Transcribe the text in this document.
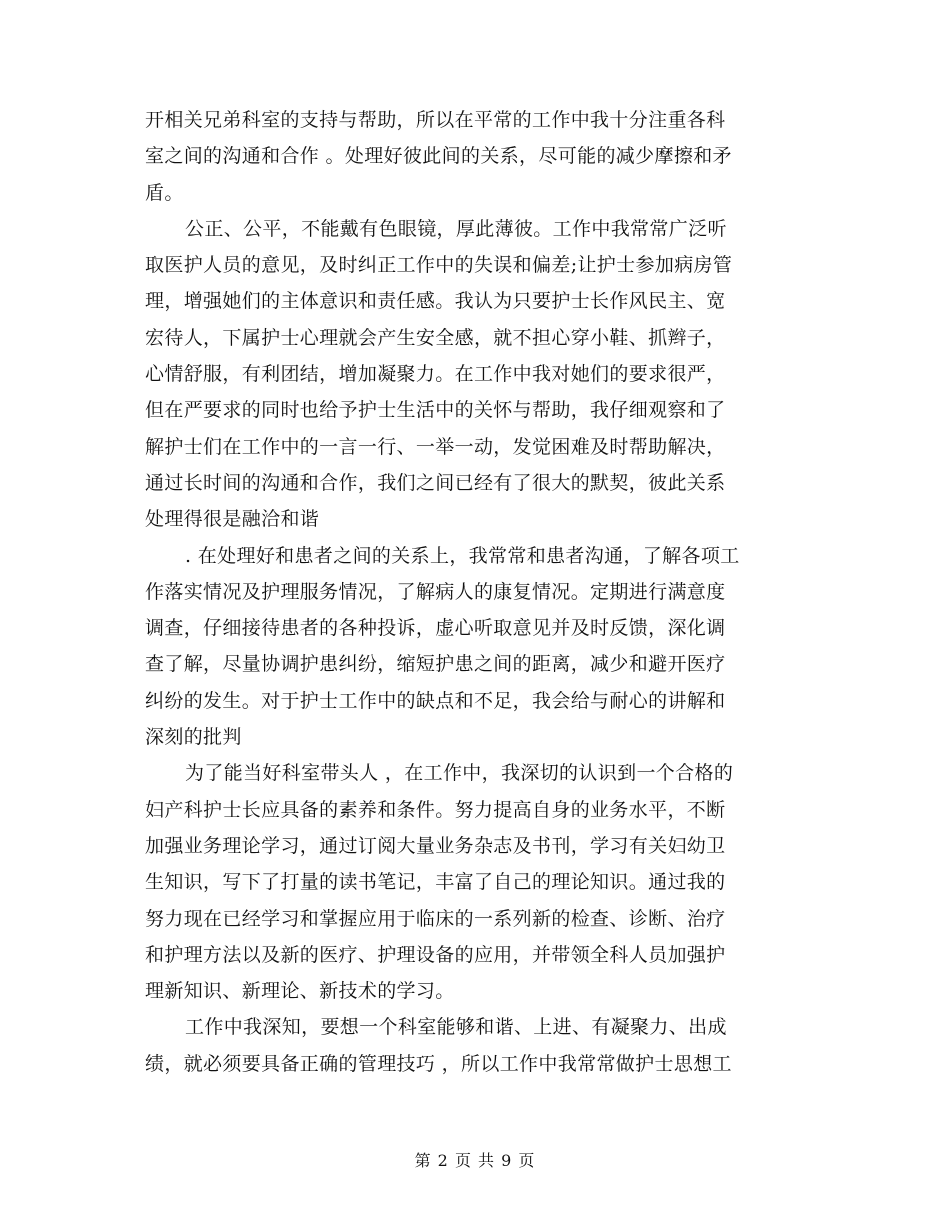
开相关兄弟科室的支持与帮助，所以在平常的工作中我十分注重各科
室之间的沟通和合作 。处理好彼此间的关系，尽可能的减少摩擦和矛
盾。

公正、公平，不能戴有色眼镜，厚此薄彼。工作中我常常广泛听
取医护人员的意见，及时纠正工作中的失误和偏差;让护士参加病房管
理，增强她们的主体意识和责任感。我认为只要护士长作风民主、宽
宏待人，下属护士心理就会产生安全感，就不担心穿小鞋、抓辫子，
心情舒服，有利团结，增加凝聚力。在工作中我对她们的要求很严，
但在严要求的同时也给予护士生活中的关怀与帮助，我仔细观察和了
解护士们在工作中的一言一行、一举一动，发觉困难及时帮助解决，
通过长时间的沟通和合作，我们之间已经有了很大的默契，彼此关系
处理得很是融洽和谐

. 在处理好和患者之间的关系上，我常常和患者沟通，了解各项工
作落实情况及护理服务情况，了解病人的康复情况。定期进行满意度
调查，仔细接待患者的各种投诉，虚心听取意见并及时反馈，深化调
查了解，尽量协调护患纠纷，缩短护患之间的距离，减少和避开医疗
纠纷的发生。对于护士工作中的缺点和不足，我会给与耐心的讲解和
深刻的批判

为了能当好科室带头人 ，在工作中，我深切的认识到一个合格的
妇产科护士长应具备的素养和条件。努力提高自身的业务水平，不断
加强业务理论学习，通过订阅大量业务杂志及书刊，学习有关妇幼卫
生知识，写下了打量的读书笔记，丰富了自己的理论知识。通过我的
努力现在已经学习和掌握应用于临床的一系列新的检查、诊断、治疗
和护理方法以及新的医疗、护理设备的应用，并带领全科人员加强护
理新知识、新理论、新技术的学习。

工作中我深知，要想一个科室能够和谐、上进、有凝聚力、出成
绩，就必须要具备正确的管理技巧 ，所以工作中我常常做护士思想工

第 2 页 共 9 页
